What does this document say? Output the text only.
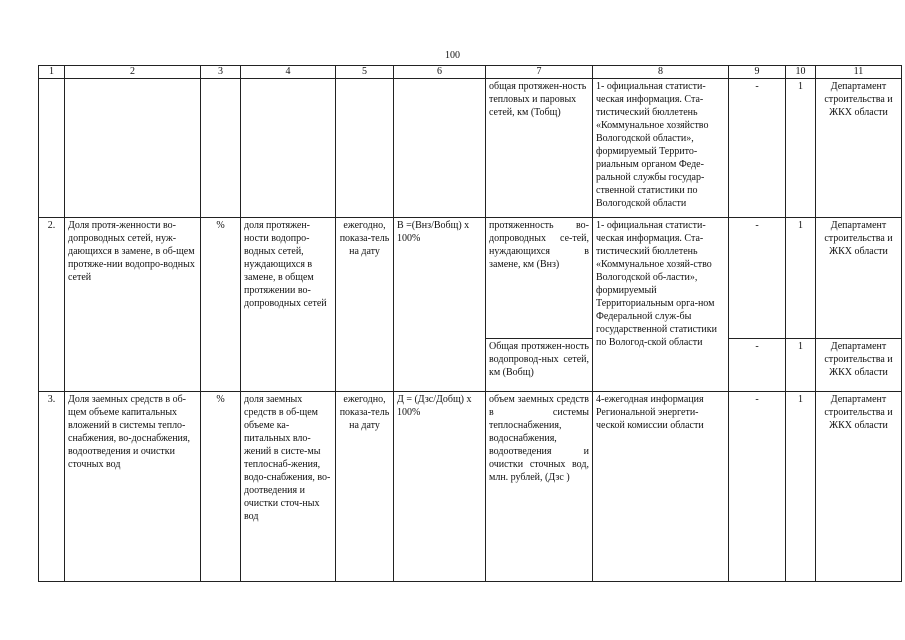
100
1	2	3	4	5	6	7	8	9	10	11
						общая протяжен-ность тепловых и паровых сетей, км (Тобщ)	1- официальная статисти-ческая информация. Ста-тистический бюллетень «Коммунальное хозяйство Вологодской области», формируемый Террито-риальным органом Феде-ральной службы государ-ственной статистики по Вологодской области	-	1	Департамент строительства и ЖКХ области
2.	Доля протя-женности во-допроводных сетей, нуж-дающихся в замене, в об-щем протяже-нии водопро-водных сетей	%	доля протяжен-ности водопро-водных сетей, нуждающихся в замене, в общем протяжении во-допроводных сетей	ежегодно, показа-тель на дату	В =(Внз/Вобщ) х 100%	протяженность во-допроводных се-тей, нуждающихся в замене, км (Внз)	1- официальная статисти-ческая информация. Ста-тистический бюллетень «Коммунальное хозяй-ство Вологодской об-ласти», формируемый Территориальным орга-ном Федеральной служ-бы государственной статистики по Вологод-ской области	-	1	Департамент строительства и ЖКХ области
						Общая протяжен-ность водопровод-ных сетей, км (Вобщ)		-	1	Департамент строительства и ЖКХ области
3.	Доля заемных средств в об-щем объеме капитальных вложений в системы тепло-снабжения, во-доснабжения, водоотведения и очистки сточных вод	%	доля заемных средств в об-щем объеме ка-питальных вло-жений в систе-мы теплоснаб-жения, водо-снабжения, во-доотведения и очистки сточ-ных вод	ежегодно, показа-тель на дату	Д = (Дзс/Добщ) х 100%	объем заемных средств в системы теплоснабжения, водоснабжения, водоотведения и очистки сточных вод, млн. рублей, (Дзс )	4-ежегодная информация Региональной энергети-ческой комиссии области	-	1	Департамент строительства и ЖКХ области
